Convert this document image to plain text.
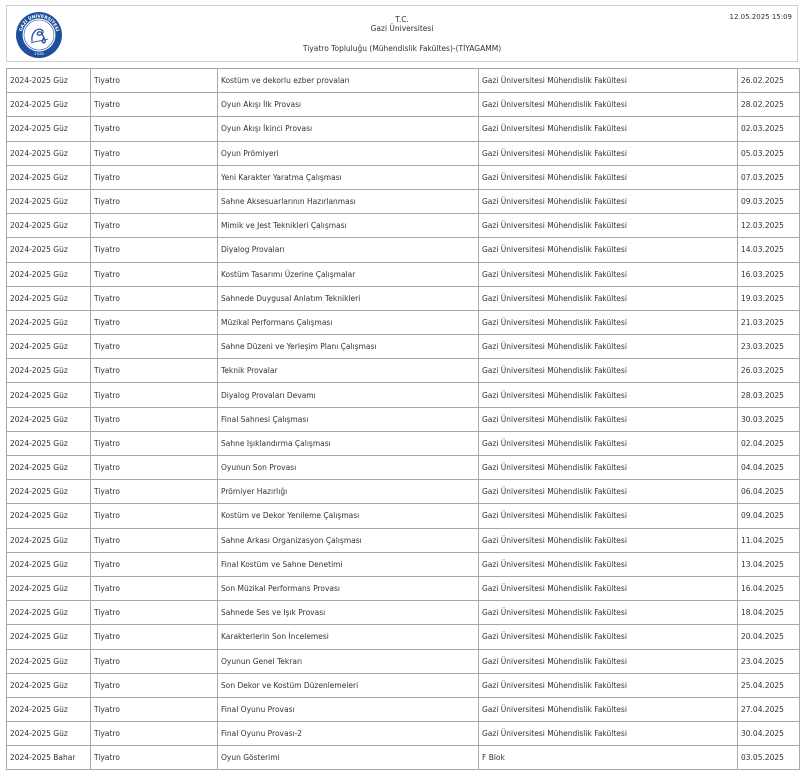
GAZİ ÜNİVERSİTESİ
1926
T.C.
Gazi Üniversitesi
Tiyatro Topluluğu (Mühendislik Fakültes)-(TİYAGAMM)
12.05.2025 15:09
2024-2025 Güz	Tiyatro	Kostüm ve dekorlu ezber provaları	Gazi Üniversitesi Mühendislik Fakültesi	26.02.2025
2024-2025 Güz	Tiyatro	Oyun Akışı İlk Provası	Gazi Üniversitesi Mühendislik Fakültesi	28.02.2025
2024-2025 Güz	Tiyatro	Oyun Akışı İkinci Provası	Gazi Üniversitesi Mühendislik Fakültesi	02.03.2025
2024-2025 Güz	Tiyatro	Oyun Prömiyeri	Gazi Üniversitesi Mühendislik Fakültesi	05.03.2025
2024-2025 Güz	Tiyatro	Yeni Karakter Yaratma Çalışması	Gazi Üniversitesi Mühendislik Fakültesi	07.03.2025
2024-2025 Güz	Tiyatro	Sahne Aksesuarlarının Hazırlanması	Gazi Üniversitesi Mühendislik Fakültesi	09.03.2025
2024-2025 Güz	Tiyatro	Mimik ve Jest Teknikleri Çalışması	Gazi Üniversitesi Mühendislik Fakültesi	12.03.2025
2024-2025 Güz	Tiyatro	Diyalog Provaları	Gazi Üniversitesi Mühendislik Fakültesi	14.03.2025
2024-2025 Güz	Tiyatro	Kostüm Tasarımı Üzerine Çalışmalar	Gazi Üniversitesi Mühendislik Fakültesi	16.03.2025
2024-2025 Güz	Tiyatro	Sahnede Duygusal Anlatım Teknikleri	Gazi Üniversitesi Mühendislik Fakültesi	19.03.2025
2024-2025 Güz	Tiyatro	Müzikal Performans Çalışması	Gazi Üniversitesi Mühendislik Fakültesi	21.03.2025
2024-2025 Güz	Tiyatro	Sahne Düzeni ve Yerleşim Planı Çalışması	Gazi Üniversitesi Mühendislik Fakültesi	23.03.2025
2024-2025 Güz	Tiyatro	Teknik Provalar	Gazi Üniversitesi Mühendislik Fakültesi	26.03.2025
2024-2025 Güz	Tiyatro	Diyalog Provaları Devamı	Gazi Üniversitesi Mühendislik Fakültesi	28.03.2025
2024-2025 Güz	Tiyatro	Final Sahnesi Çalışması	Gazi Üniversitesi Mühendislik Fakültesi	30.03.2025
2024-2025 Güz	Tiyatro	Sahne Işıklandırma Çalışması	Gazi Üniversitesi Mühendislik Fakültesi	02.04.2025
2024-2025 Güz	Tiyatro	Oyunun Son Provası	Gazi Üniversitesi Mühendislik Fakültesi	04.04.2025
2024-2025 Güz	Tiyatro	Prömiyer Hazırlığı	Gazi Üniversitesi Mühendislik Fakültesi	06.04.2025
2024-2025 Güz	Tiyatro	Kostüm ve Dekor Yenileme Çalışması	Gazi Üniversitesi Mühendislik Fakültesi	09.04.2025
2024-2025 Güz	Tiyatro	Sahne Arkası Organizasyon Çalışması	Gazi Üniversitesi Mühendislik Fakültesi	11.04.2025
2024-2025 Güz	Tiyatro	Final Kostüm ve Sahne Denetimi	Gazi Üniversitesi Mühendislik Fakültesi	13.04.2025
2024-2025 Güz	Tiyatro	Son Müzikal Performans Provası	Gazi Üniversitesi Mühendislik Fakültesi	16.04.2025
2024-2025 Güz	Tiyatro	Sahnede Ses ve Işık Provası	Gazi Üniversitesi Mühendislik Fakültesi	18.04.2025
2024-2025 Güz	Tiyatro	Karakterlerin Son İncelemesi	Gazi Üniversitesi Mühendislik Fakültesi	20.04.2025
2024-2025 Güz	Tiyatro	Oyunun Genel Tekrarı	Gazi Üniversitesi Mühendislik Fakültesi	23.04.2025
2024-2025 Güz	Tiyatro	Son Dekor ve Kostüm Düzenlemeleri	Gazi Üniversitesi Mühendislik Fakültesi	25.04.2025
2024-2025 Güz	Tiyatro	Final Oyunu Provası	Gazi Üniversitesi Mühendislik Fakültesi	27.04.2025
2024-2025 Güz	Tiyatro	Final Oyunu Provası-2	Gazi Üniversitesi Mühendislik Fakültesi	30.04.2025
2024-2025 Bahar	Tiyatro	Oyun Gösterimi	F Blok	03.05.2025
